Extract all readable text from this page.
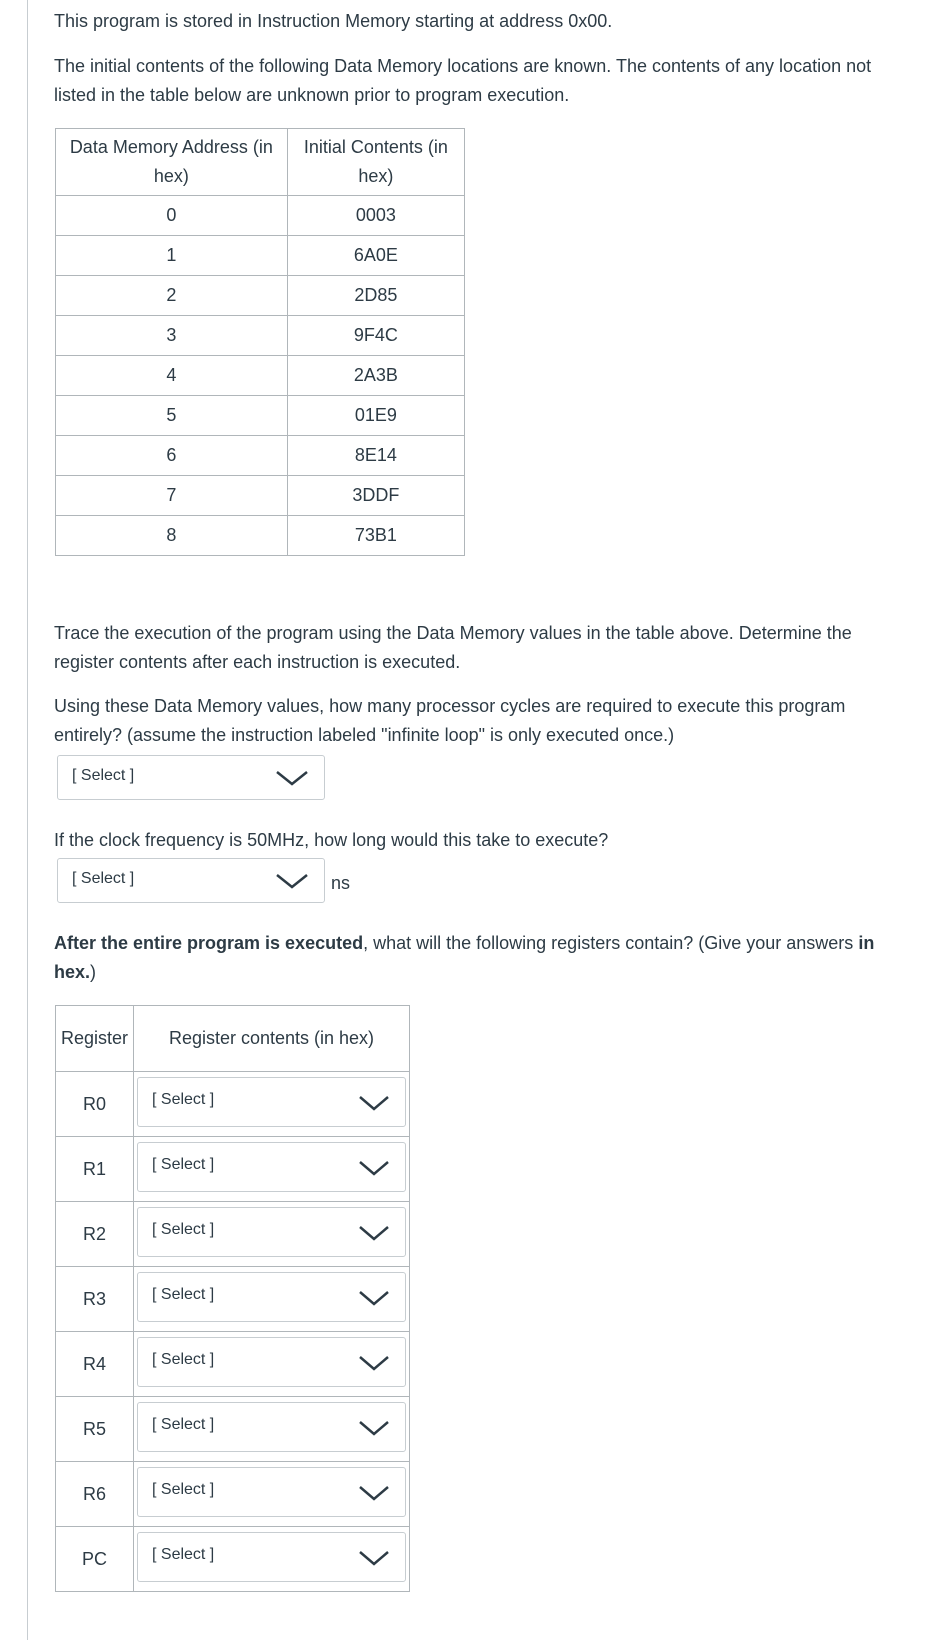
This program is stored in Instruction Memory starting at address 0x00.

The initial contents of the following Data Memory locations are known. The contents of any location not listed in the table below are unknown prior to program execution.

Data Memory Address (in hex)	Initial Contents (in hex)
0	0003
1	6A0E
2	2D85
3	9F4C
4	2A3B
5	01E9
6	8E14
7	3DDF
8	73B1

Trace the execution of the program using the Data Memory values in the table above. Determine the register contents after each instruction is executed.

Using these Data Memory values, how many processor cycles are required to execute this program entirely? (assume the instruction labeled "infinite loop" is only executed once.)

If the clock frequency is 50MHz, how long would this take to execute?

After the entire program is executed, what will the following registers contain? (Give your answers in hex.)

[ Select ]
[ Select ]	ns
Register	Register contents (in hex)
R0	[ Select ]

R1	[ Select ]

R2	[ Select ]

R3	[ Select ]

R4	[ Select ]

R5	[ Select ]

R6	[ Select ]

PC	[ Select ]
